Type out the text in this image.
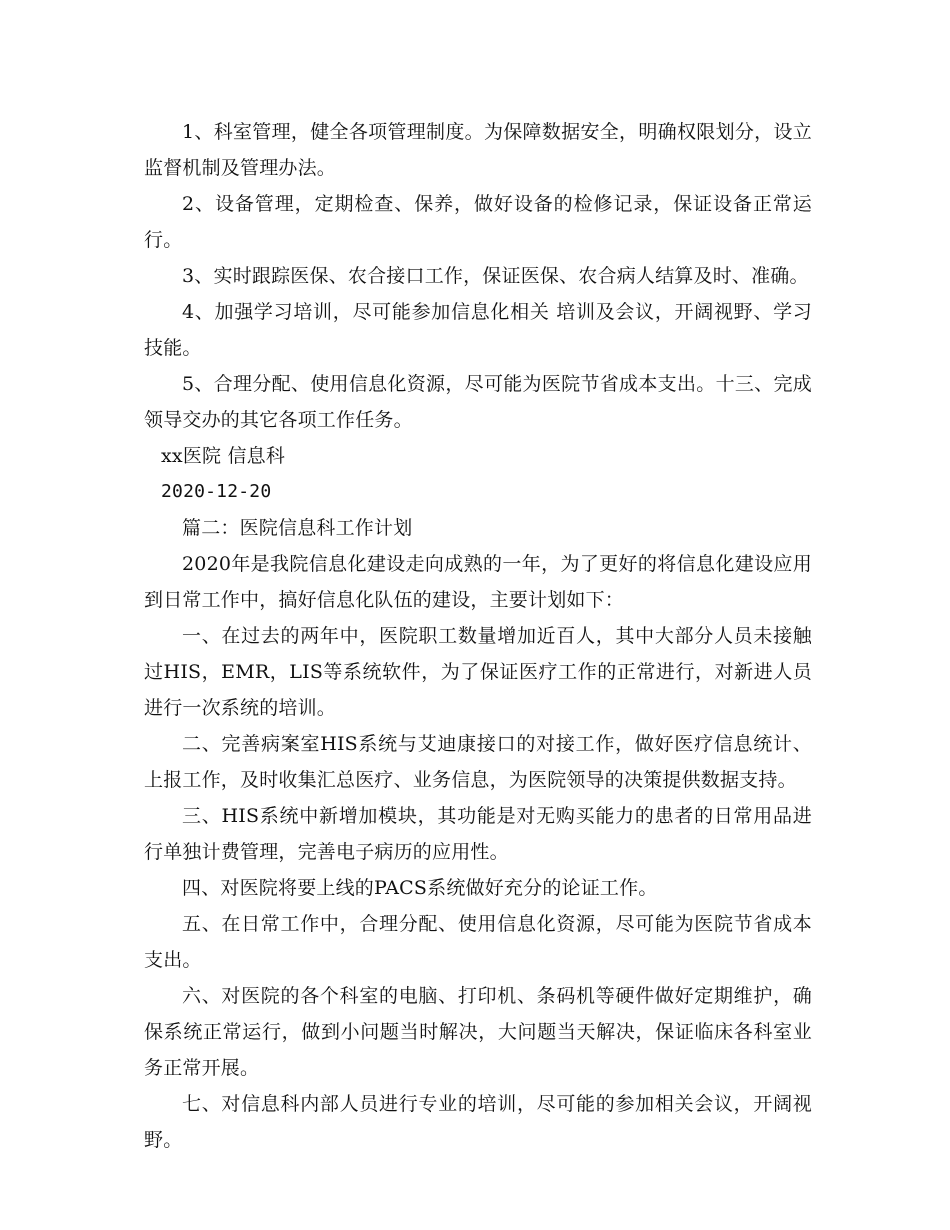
1、科室管理，健全各项管理制度。为保障数据安全，明确权限划分，设立监督机制及管理办法。

2、设备管理，定期检查、保养，做好设备的检修记录，保证设备正常运行。

3、实时跟踪医保、农合接口工作，保证医保、农合病人结算及时、准确。

4、加强学习培训，尽可能参加信息化相关 培训及会议，开阔视野、学习技能。

5、合理分配、使用信息化资源，尽可能为医院节省成本支出。十三、完成领导交办的其它各项工作任务。

xx医院 信息科

2020-12-20

篇二：医院信息科工作计划

2020年是我院信息化建设走向成熟的一年，为了更好的将信息化建设应用到日常工作中，搞好信息化队伍的建设，主要计划如下：

一、在过去的两年中，医院职工数量增加近百人，其中大部分人员未接触过HIS，EMR，LIS等系统软件，为了保证医疗工作的正常进行，对新进人员进行一次系统的培训。

二、完善病案室HIS系统与艾迪康接口的对接工作，做好医疗信息统计、上报工作，及时收集汇总医疗、业务信息，为医院领导的决策提供数据支持。

三、HIS系统中新增加模块，其功能是对无购买能力的患者的日常用品进行单独计费管理，完善电子病历的应用性。

四、对医院将要上线的PACS系统做好充分的论证工作。

五、在日常工作中，合理分配、使用信息化资源，尽可能为医院节省成本支出。

六、对医院的各个科室的电脑、打印机、条码机等硬件做好定期维护，确保系统正常运行，做到小问题当时解决，大问题当天解决，保证临床各科室业务正常开展。

七、对信息科内部人员进行专业的培训，尽可能的参加相关会议，开阔视野。
